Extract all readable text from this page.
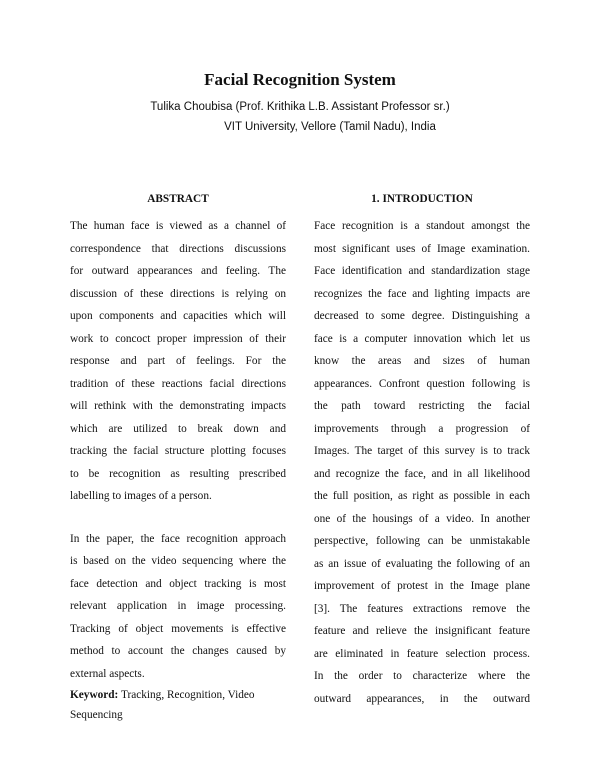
Facial Recognition System
Tulika Choubisa (Prof. Krithika L.B. Assistant Professor sr.)
VIT University, Vellore (Tamil Nadu), India
ABSTRACT
The human face is viewed as a channel of
correspondence that directions discussions
for outward appearances and feeling. The
discussion of these directions is relying on
upon components and capacities which will
work to concoct proper impression of their
response and part of feelings. For the
tradition of these reactions facial directions
will rethink with the demonstrating impacts
which are utilized to break down and
tracking the facial structure plotting focuses
to be recognition as resulting prescribed
labelling to images of a person.
In the paper, the face recognition approach
is based on the video sequencing where the
face detection and object tracking is most
relevant application in image processing.
Tracking of object movements is effective
method to account the changes caused by
external aspects.
Keyword: Tracking, Recognition, Video
Sequencing
1. INTRODUCTION
Face recognition is a standout amongst the
most significant uses of Image examination.
Face identification and standardization stage
recognizes the face and lighting impacts are
decreased to some degree. Distinguishing a
face is a computer innovation which let us
know the areas and sizes of human
appearances. Confront question following is
the path toward restricting the facial
improvements through a progression of
Images. The target of this survey is to track
and recognize the face, and in all likelihood
the full position, as right as possible in each
one of the housings of a video. In another
perspective, following can be unmistakable
as an issue of evaluating the following of an
improvement of protest in the Image plane
[3]. The features extractions remove the
feature and relieve the insignificant feature
are eliminated in feature selection process.
In the order to characterize where the
outward appearances, in the outward
